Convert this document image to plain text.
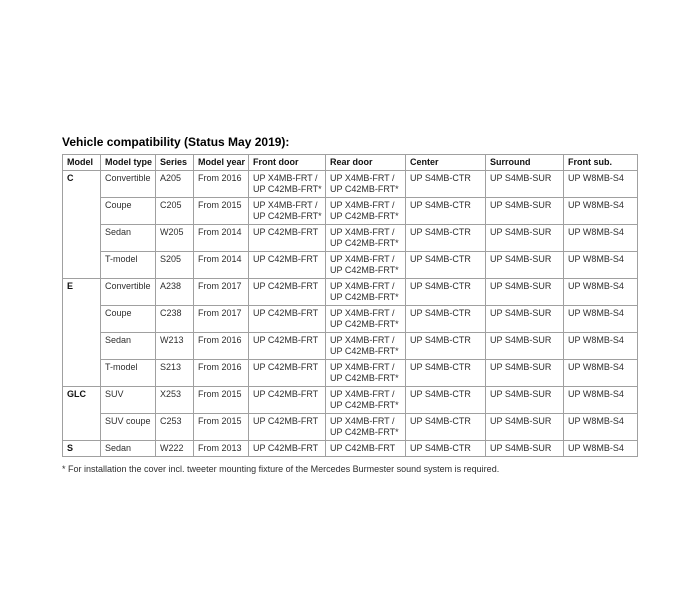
Vehicle compatibility (Status May 2019):
Model	Model type	Series	Model year	Front door	Rear door	Center	Surround	Front sub.
C	Convertible	A205	From 2016	UP X4MB-FRT / UP C42MB-FRT*	UP X4MB-FRT / UP C42MB-FRT*	UP S4MB-CTR	UP S4MB-SUR	UP W8MB-S4
	Coupe	C205	From 2015	UP X4MB-FRT / UP C42MB-FRT*	UP X4MB-FRT / UP C42MB-FRT*	UP S4MB-CTR	UP S4MB-SUR	UP W8MB-S4
	Sedan	W205	From 2014	UP C42MB-FRT	UP X4MB-FRT / UP C42MB-FRT*	UP S4MB-CTR	UP S4MB-SUR	UP W8MB-S4
	T-model	S205	From 2014	UP C42MB-FRT	UP X4MB-FRT / UP C42MB-FRT*	UP S4MB-CTR	UP S4MB-SUR	UP W8MB-S4
E	Convertible	A238	From 2017	UP C42MB-FRT	UP X4MB-FRT / UP C42MB-FRT*	UP S4MB-CTR	UP S4MB-SUR	UP W8MB-S4
	Coupe	C238	From 2017	UP C42MB-FRT	UP X4MB-FRT / UP C42MB-FRT*	UP S4MB-CTR	UP S4MB-SUR	UP W8MB-S4
	Sedan	W213	From 2016	UP C42MB-FRT	UP X4MB-FRT / UP C42MB-FRT*	UP S4MB-CTR	UP S4MB-SUR	UP W8MB-S4
	T-model	S213	From 2016	UP C42MB-FRT	UP X4MB-FRT / UP C42MB-FRT*	UP S4MB-CTR	UP S4MB-SUR	UP W8MB-S4
GLC	SUV	X253	From 2015	UP C42MB-FRT	UP X4MB-FRT / UP C42MB-FRT*	UP S4MB-CTR	UP S4MB-SUR	UP W8MB-S4
	SUV coupe	C253	From 2015	UP C42MB-FRT	UP X4MB-FRT / UP C42MB-FRT*	UP S4MB-CTR	UP S4MB-SUR	UP W8MB-S4
S	Sedan	W222	From 2013	UP C42MB-FRT	UP C42MB-FRT	UP S4MB-CTR	UP S4MB-SUR	UP W8MB-S4
* For installation the cover incl. tweeter mounting fixture of the Mercedes Burmester sound system is required.
